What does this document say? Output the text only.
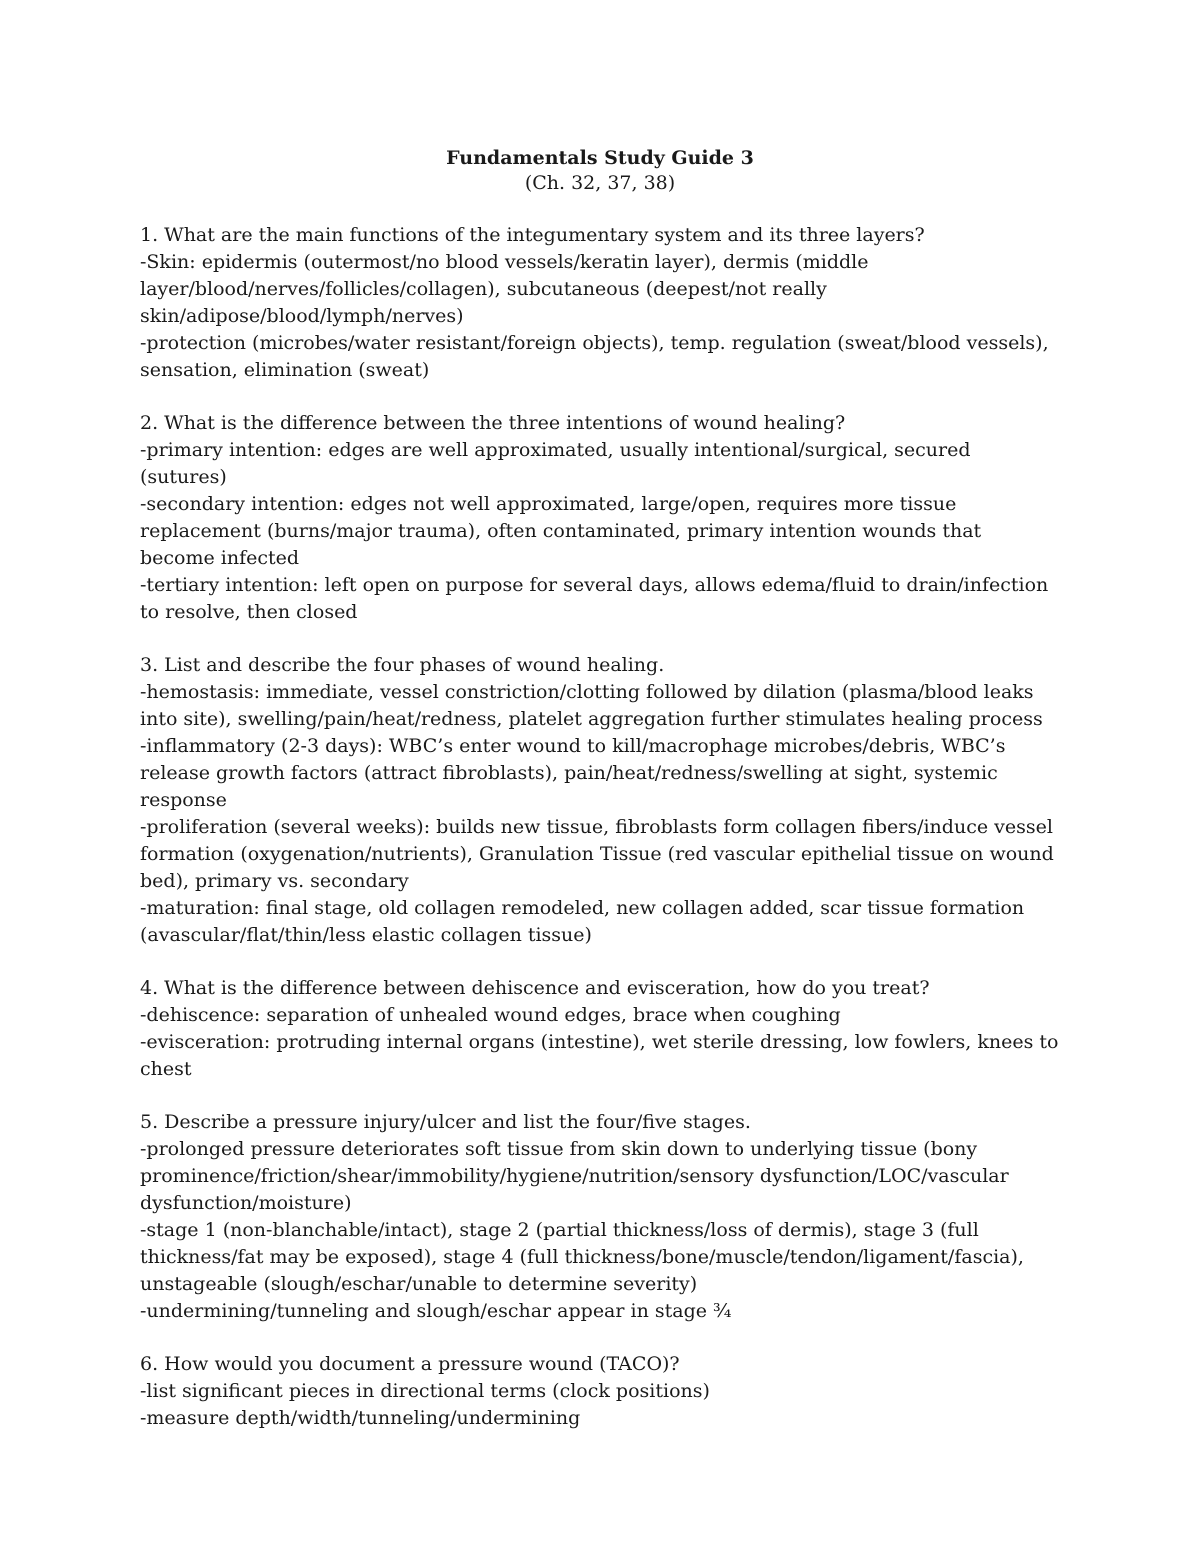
Fundamentals Study Guide 3

(Ch. 32, 37, 38)

1. What are the main functions of the integumentary system and its three layers?

-Skin: epidermis (outermost/no blood vessels/keratin layer), dermis (middle layer/blood/nerves/follicles/collagen), subcutaneous (deepest/not really skin/adipose/blood/lymph/nerves)

-protection (microbes/water resistant/foreign objects), temp. regulation (sweat/blood vessels), sensation, elimination (sweat)

2. What is the difference between the three intentions of wound healing?

-primary intention: edges are well approximated, usually intentional/surgical, secured (sutures)

-secondary intention: edges not well approximated, large/open, requires more tissue replacement (burns/major trauma), often contaminated, primary intention wounds that become infected

-tertiary intention: left open on purpose for several days, allows edema/fluid to drain/infection to resolve, then closed

3. List and describe the four phases of wound healing.

-hemostasis: immediate, vessel constriction/clotting followed by dilation (plasma/blood leaks into site), swelling/pain/heat/redness, platelet aggregation further stimulates healing process

-inflammatory (2-3 days): WBC’s enter wound to kill/macrophage microbes/debris, WBC’s release growth factors (attract fibroblasts), pain/heat/redness/swelling at sight, systemic response

-proliferation (several weeks): builds new tissue, fibroblasts form collagen fibers/induce vessel formation (oxygenation/nutrients), Granulation Tissue (red vascular epithelial tissue on wound bed), primary vs. secondary

-maturation: final stage, old collagen remodeled, new collagen added, scar tissue formation (avascular/flat/thin/less elastic collagen tissue)

4. What is the difference between dehiscence and evisceration, how do you treat?

-dehiscence: separation of unhealed wound edges, brace when coughing

-evisceration: protruding internal organs (intestine), wet sterile dressing, low fowlers, knees to chest

5. Describe a pressure injury/ulcer and list the four/five stages.

-prolonged pressure deteriorates soft tissue from skin down to underlying tissue (bony prominence/friction/shear/immobility/hygiene/nutrition/sensory dysfunction/LOC/vascular dysfunction/moisture)

-stage 1 (non-blanchable/intact), stage 2 (partial thickness/loss of dermis), stage 3 (full thickness/fat may be exposed), stage 4 (full thickness/bone/muscle/tendon/ligament/fascia), unstageable (slough/eschar/unable to determine severity)

-undermining/tunneling and slough/eschar appear in stage ¾

6. How would you document a pressure wound (TACO)?

-list significant pieces in directional terms (clock positions)

-measure depth/width/tunneling/undermining
